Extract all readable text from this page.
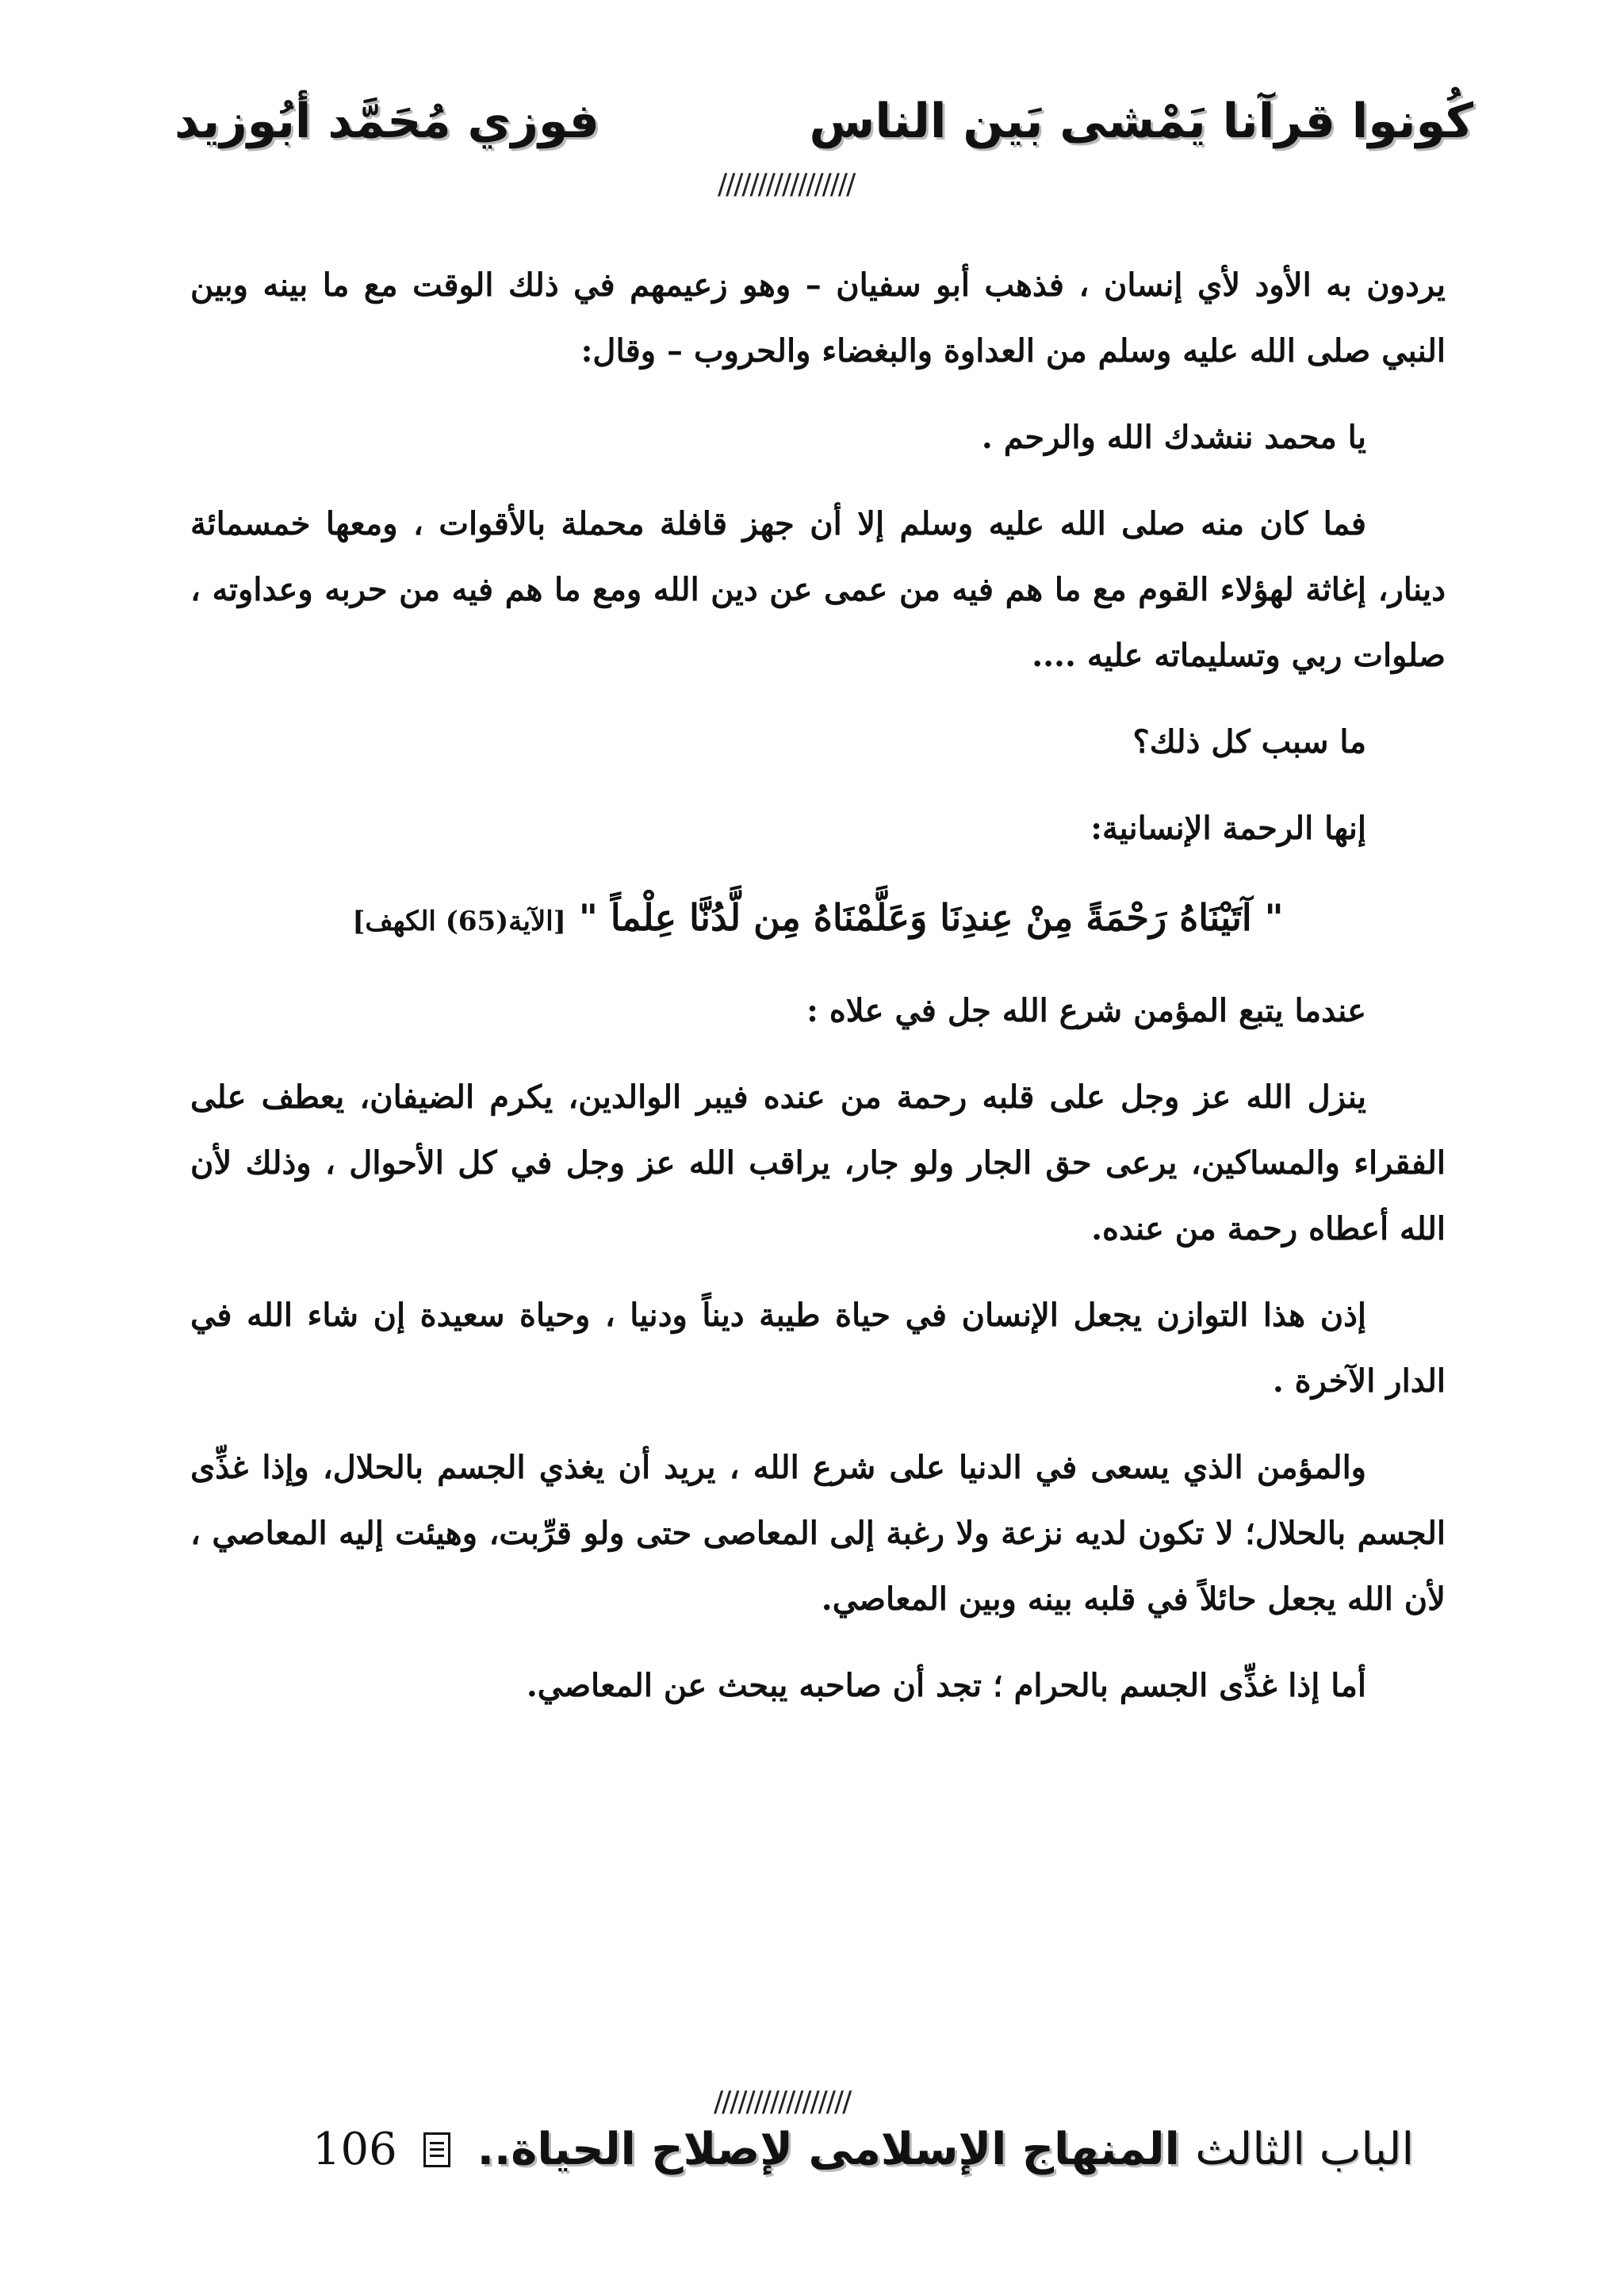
كُونوا قرآنا يَمْشى بَين الناس
فوزي مُحَمَّد أبُوزيد
/////////////////

يردون به الأود لأي إنسان ، فذهب أبو سفيان – وهو زعيمهم في ذلك الوقت مع ما بينه وبين النبي صلى الله عليه وسلم من العداوة والبغضاء والحروب – وقال:

يا محمد ننشدك الله والرحم .

فما كان منه صلى الله عليه وسلم إلا أن جهز قافلة محملة بالأقوات ، ومعها خمسمائة دينار، إغاثة لهؤلاء القوم مع ما هم فيه من عمى عن دين الله ومع ما هم فيه من حربه وعداوته ، صلوات ربي وتسليماته عليه ....

ما سبب كل ذلك؟

إنها الرحمة الإنسانية:

" آتَيْنَاهُ رَحْمَةً مِنْ عِندِنَا وَعَلَّمْنَاهُ مِن لَّدُنَّا عِلْماً " [الآية(65) الكهف]

عندما يتبع المؤمن شرع الله جل في علاه :

ينزل الله عز وجل على قلبه رحمة من عنده فيبر الوالدين، يكرم الضيفان، يعطف على الفقراء والمساكين، يرعى حق الجار ولو جار، يراقب الله عز وجل في كل الأحوال ، وذلك لأن الله أعطاه رحمة من عنده.

إذن هذا التوازن يجعل الإنسان في حياة طيبة ديناً ودنيا ، وحياة سعيدة إن شاء الله في الدار الآخرة .

والمؤمن الذي يسعى في الدنيا على شرع الله ، يريد أن يغذي الجسم بالحلال، وإذا غذِّى الجسم بالحلال؛ لا تكون لديه نزعة ولا رغبة إلى المعاصى حتى ولو قرِّبت، وهيئت إليه المعاصي ، لأن الله يجعل حائلاً في قلبه بينه وبين المعاصي.

أما إذا غذِّى الجسم بالحرام ؛ تجد أن صاحبه يبحث عن المعاصي.

/////////////////
الباب الثالث المنهاج الإسلامى لإصلاح الحياة..  106
